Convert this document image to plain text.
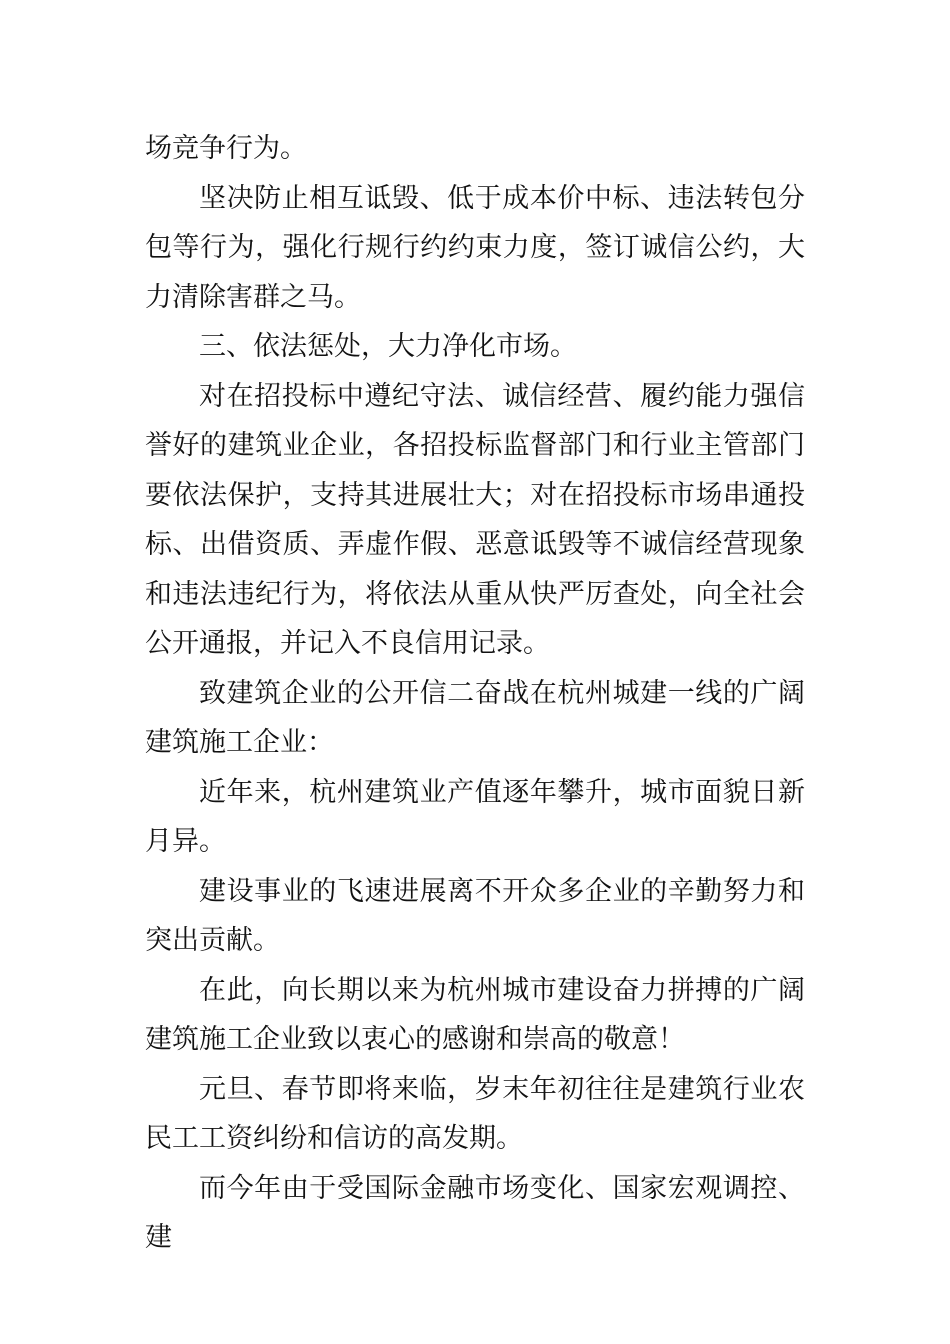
场竞争行为。

坚决防止相互诋毁、低于成本价中标、违法转包分包等行为，强化行规行约约束力度，签订诚信公约，大力清除害群之马。

三、依法惩处，大力净化市场。

对在招投标中遵纪守法、诚信经营、履约能力强信誉好的建筑业企业，各招投标监督部门和行业主管部门要依法保护，支持其进展壮大；对在招投标市场串通投标、出借资质、弄虚作假、恶意诋毁等不诚信经营现象和违法违纪行为，将依法从重从快严厉查处，向全社会公开通报，并记入不良信用记录。

致建筑企业的公开信二奋战在杭州城建一线的广阔建筑施工企业：

近年来，杭州建筑业产值逐年攀升，城市面貌日新月异。

建设事业的飞速进展离不开众多企业的辛勤努力和突出贡献。

在此，向长期以来为杭州城市建设奋力拼搏的广阔建筑施工企业致以衷心的感谢和崇高的敬意！

元旦、春节即将来临，岁末年初往往是建筑行业农民工工资纠纷和信访的高发期。

而今年由于受国际金融市场变化、国家宏观调控、建
